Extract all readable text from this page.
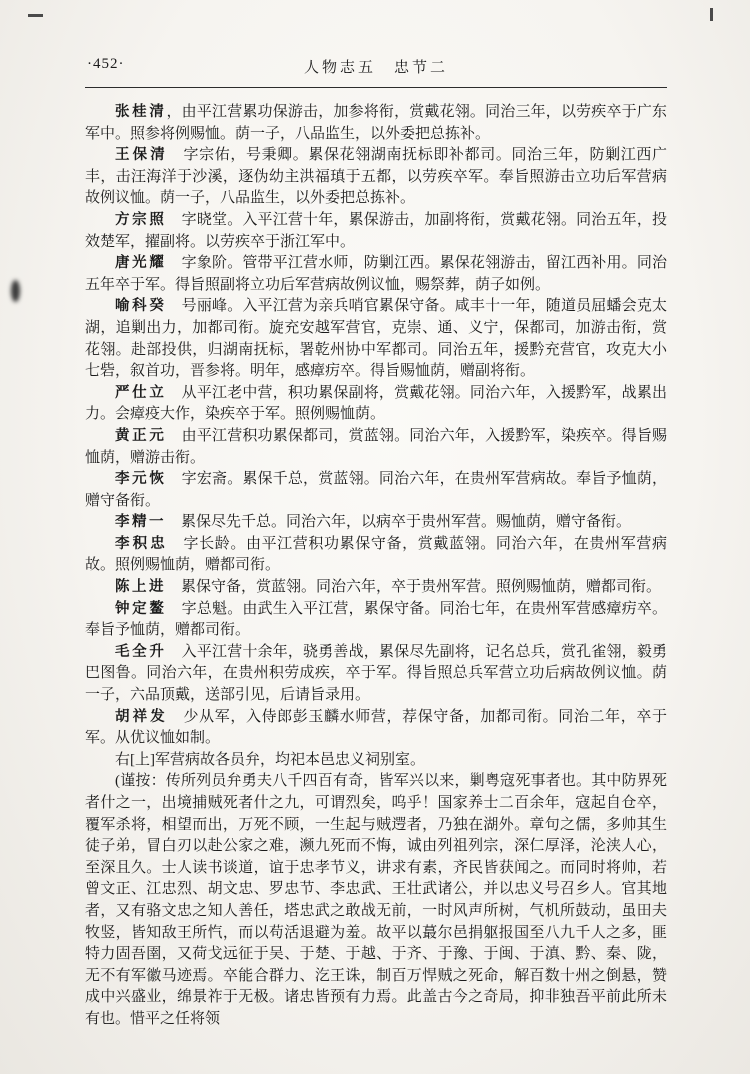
·452·	人物志五　忠节二

张桂清，由平江营累功保游击，加参将衔，赏戴花翎。同治三年，以劳疾卒于广东军中。照参将例赐恤。荫一子，八品监生，以外委把总拣补。

王保清　字宗佑，号秉卿。累保花翎湖南抚标即补都司。同治三年，防剿江西广丰，击汪海洋于沙溪，逐伪幼主洪福瑱于五都，以劳疾卒军。奉旨照游击立功后军营病故例议恤。荫一子，八品监生，以外委把总拣补。

方宗照　字晓堂。入平江营十年，累保游击，加副将衔，赏戴花翎。同治五年，投效楚军，擢副将。以劳疾卒于浙江军中。

唐光耀　字象阶。管带平江营水师，防剿江西。累保花翎游击，留江西补用。同治五年卒于军。得旨照副将立功后军营病故例议恤，赐祭葬，荫子如例。

喻科癸　号丽峰。入平江营为亲兵哨官累保守备。咸丰十一年，随道员屈蟠会克太湖，追剿出力，加都司衔。旋充安越军营官，克崇、通、义宁，保都司，加游击衔，赏花翎。赴部投供，归湖南抚标，署乾州协中军都司。同治五年，援黔充营官，攻克大小七砦，叙首功，晋参将。明年，感瘴疠卒。得旨赐恤荫，赠副将衔。

严仕立　从平江老中营，积功累保副将，赏戴花翎。同治六年，入援黔军，战累出力。会瘴疫大作，染疾卒于军。照例赐恤荫。

黄正元　由平江营积功累保都司，赏蓝翎。同治六年，入援黔军，染疾卒。得旨赐恤荫，赠游击衔。

李元恢　字宏斋。累保千总，赏蓝翎。同治六年，在贵州军营病故。奉旨予恤荫，赠守备衔。

李精一　累保尽先千总。同治六年，以病卒于贵州军营。赐恤荫，赠守备衔。

李积忠　字长龄。由平江营积功累保守备，赏戴蓝翎。同治六年，在贵州军营病故。照例赐恤荫，赠都司衔。

陈上进　累保守备，赏蓝翎。同治六年，卒于贵州军营。照例赐恤荫，赠都司衔。

钟定鳌　字总魁。由武生入平江营，累保守备。同治七年，在贵州军营感瘴疠卒。奉旨予恤荫，赠都司衔。

毛全升　入平江营十余年，骁勇善战，累保尽先副将，记名总兵，赏孔雀翎，毅勇巴图鲁。同治六年，在贵州积劳成疾，卒于军。得旨照总兵军营立功后病故例议恤。荫一子，六品顶戴，送部引见，后请旨录用。

胡祥发　少从军，入侍郎彭玉麟水师营，荐保守备，加都司衔。同治二年，卒于军。从优议恤如制。

右[上]军营病故各员弁，均祀本邑忠义祠别室。

(谨按：传所列员弁勇夫八千四百有奇，皆军兴以来，剿粤寇死事者也。其中防界死者什之一，出境捕贼死者什之九，可谓烈矣，呜乎！国家养士二百余年，寇起自仓卒，覆军杀将，相望而出，万死不顾，一生起与贼遌者，乃独在湖外。章句之儒，多帅其生徒子弟，冒白刃以赴公家之难，濒九死而不悔，诚由列祖列宗，深仁厚泽，沦浃人心，至深且久。士人读书谈道，谊于忠孝节义，讲求有素，齐民皆获闻之。而同时将帅，若曾文正、江忠烈、胡文忠、罗忠节、李忠武、王壮武诸公，并以忠义号召乡人。官其地者，又有骆文忠之知人善任，塔忠武之敢战无前，一时风声所树，气机所鼓动，虽田夫牧竖，皆知敌王所忾，而以苟活退避为羞。故平以蕞尔邑捐躯报国至八九千人之多，匪特力固吾圉，又荷戈远征于吴、于楚、于越、于齐、于豫、于闽、于滇、黔、秦、陇，无不有军徽马迹焉。卒能合群力、汔王诛，制百万悍贼之死命，解百数十州之倒悬，赞成中兴盛业，绵景祚于无极。诸忠皆预有力焉。此盖古今之奇局，抑非独吾平前此所未有也。惜平之任将领
